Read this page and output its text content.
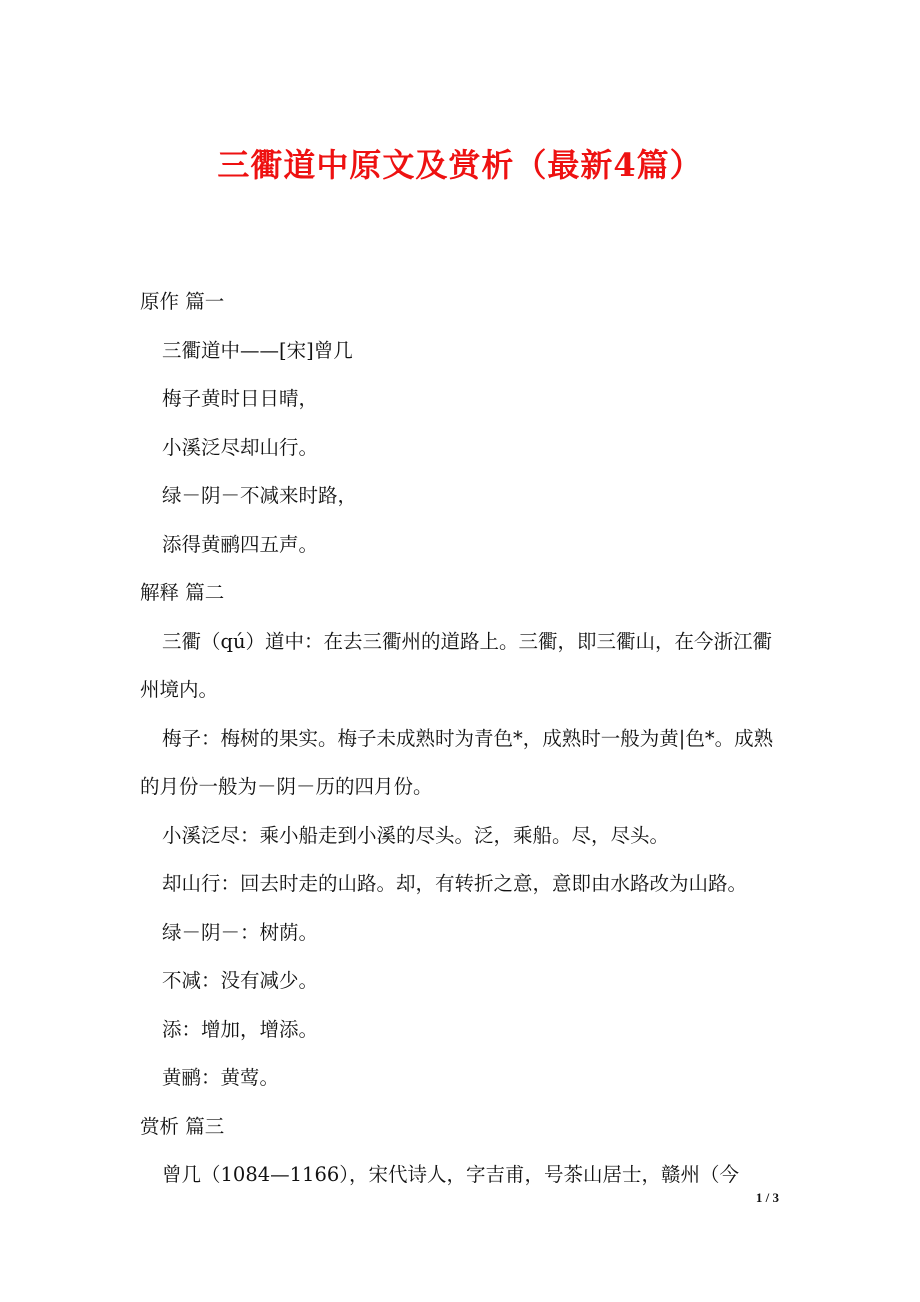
三衢道中原文及赏析（最新4篇）

原作 篇一

三衢道中——[宋]曾几

梅子黄时日日晴，

小溪泛尽却山行。

绿－阴－不减来时路，

添得黄鹂四五声。

解释 篇二

三衢（qú）道中：在去三衢州的道路上。三衢，即三衢山，在今浙江衢州境内。

梅子：梅树的果实。梅子未成熟时为青色*，成熟时一般为黄|色*。成熟的月份一般为－阴－历的四月份。

小溪泛尽：乘小船走到小溪的尽头。泛，乘船。尽，尽头。

却山行：回去时走的山路。却，有转折之意，意即由水路改为山路。

绿－阴－：树荫。

不减：没有减少。

添：增加，增添。

黄鹂：黄莺。

赏析 篇三

曾几（1084—1166），宋代诗人，字吉甫，号茶山居士，赣州（今

1 / 3
